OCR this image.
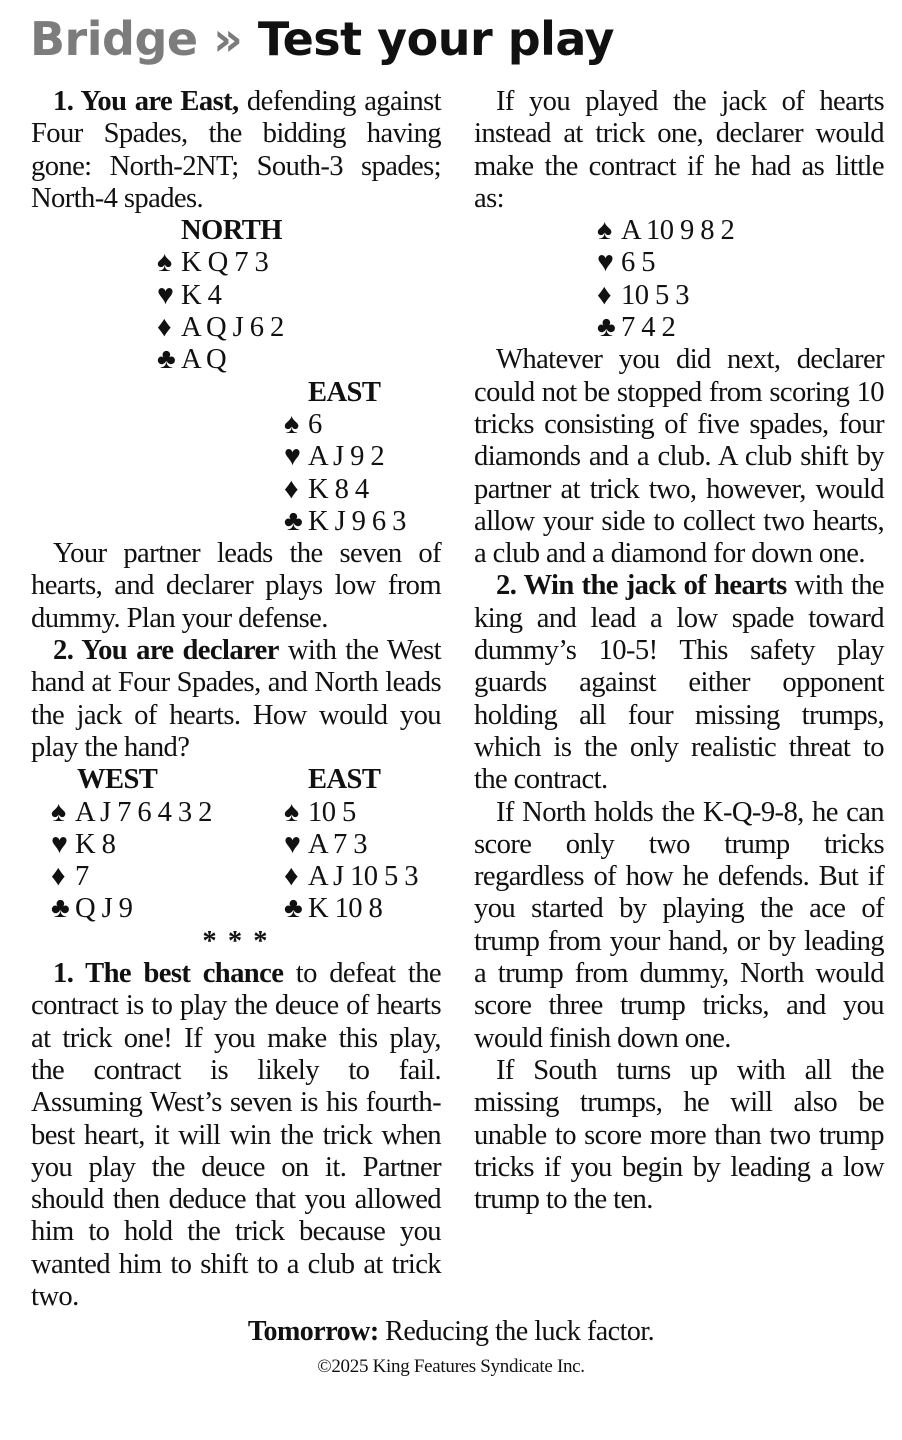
Bridge » Test your play

1. You are East, defending against Four Spades, the bidding having gone: North-2NT; South-3 spades; North-4 spades.

NORTH
♠ K Q 7 3
♥ K 4
♦ A Q J 6 2
♣ A Q
EAST
♠ 6
♥ A J 9 2
♦ K 8 4
♣ K J 9 6 3

Your partner leads the seven of hearts, and declarer plays low from dummy. Plan your defense.

2. You are declarer with the West hand at Four Spades, and North leads the jack of hearts. How would you play the hand?

WEST
♠ A J 7 6 4 3 2
♥ K 8
♦ 7
♣ Q J 9
EAST
♠ 10 5
♥ A 7 3
♦ A J 10 5 3
♣ K 10 8

* * *

1. The best chance to defeat the contract is to play the deuce of hearts at trick one! If you make this play, the contract is likely to fail. Assuming West’s seven is his fourth-best heart, it will win the trick when you play the deuce on it. Partner should then deduce that you allowed him to hold the trick because you wanted him to shift to a club at trick two.

If you played the jack of hearts instead at trick one, declarer would make the contract if he had as little as:

♠ A 10 9 8 2
♥ 6 5
♦ 10 5 3
♣ 7 4 2

Whatever you did next, declarer could not be stopped from scoring 10 tricks consisting of five spades, four diamonds and a club. A club shift by partner at trick two, however, would allow your side to collect two hearts, a club and a diamond for down one.

2. Win the jack of hearts with the king and lead a low spade toward dummy’s 10-5! This safety play guards against either opponent holding all four missing trumps, which is the only realistic threat to the contract.

If North holds the K-Q-9-8, he can score only two trump tricks regardless of how he defends. But if you started by playing the ace of trump from your hand, or by leading a trump from dummy, North would score three trump tricks, and you would finish down one.

If South turns up with all the missing trumps, he will also be unable to score more than two trump tricks if you begin by leading a low trump to the ten.

Tomorrow: Reducing the luck factor.
©2025 King Features Syndicate Inc.
